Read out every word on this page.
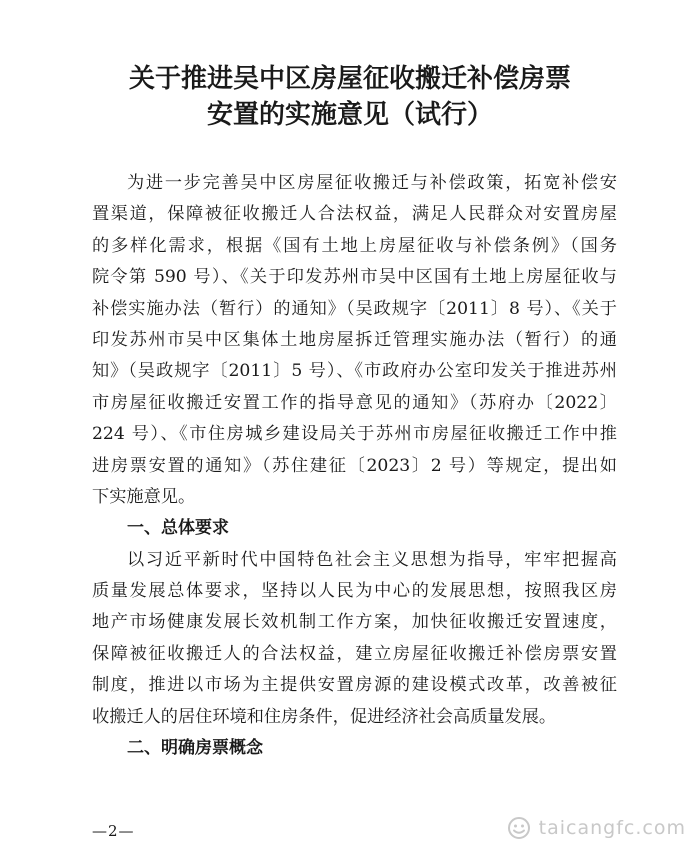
关于推进吴中区房屋征收搬迁补偿房票
安置的实施意见（试行）
为进一步完善吴中区房屋征收搬迁与补偿政策，拓宽补偿安
置渠道，保障被征收搬迁人合法权益，满足人民群众对安置房屋
的多样化需求，根据《国有土地上房屋征收与补偿条例》（国务
院令第 590 号）、《关于印发苏州市吴中区国有土地上房屋征收与
补偿实施办法（暂行）的通知》（吴政规字〔2011〕8 号）、《关于
印发苏州市吴中区集体土地房屋拆迁管理实施办法（暂行）的通
知》（吴政规字〔2011〕5 号）、《市政府办公室印发关于推进苏州
市房屋征收搬迁安置工作的指导意见的通知》（苏府办〔2022〕
224 号）、《市住房城乡建设局关于苏州市房屋征收搬迁工作中推
进房票安置的通知》（苏住建征〔2023〕2 号）等规定，提出如
下实施意见。
一、总体要求
以习近平新时代中国特色社会主义思想为指导，牢牢把握高
质量发展总体要求，坚持以人民为中心的发展思想，按照我区房
地产市场健康发展长效机制工作方案，加快征收搬迁安置速度，
保障被征收搬迁人的合法权益，建立房屋征收搬迁补偿房票安置
制度，推进以市场为主提供安置房源的建设模式改革，改善被征
收搬迁人的居住环境和住房条件，促进经济社会高质量发展。
二、明确房票概念
—2—	taicangfc.com
